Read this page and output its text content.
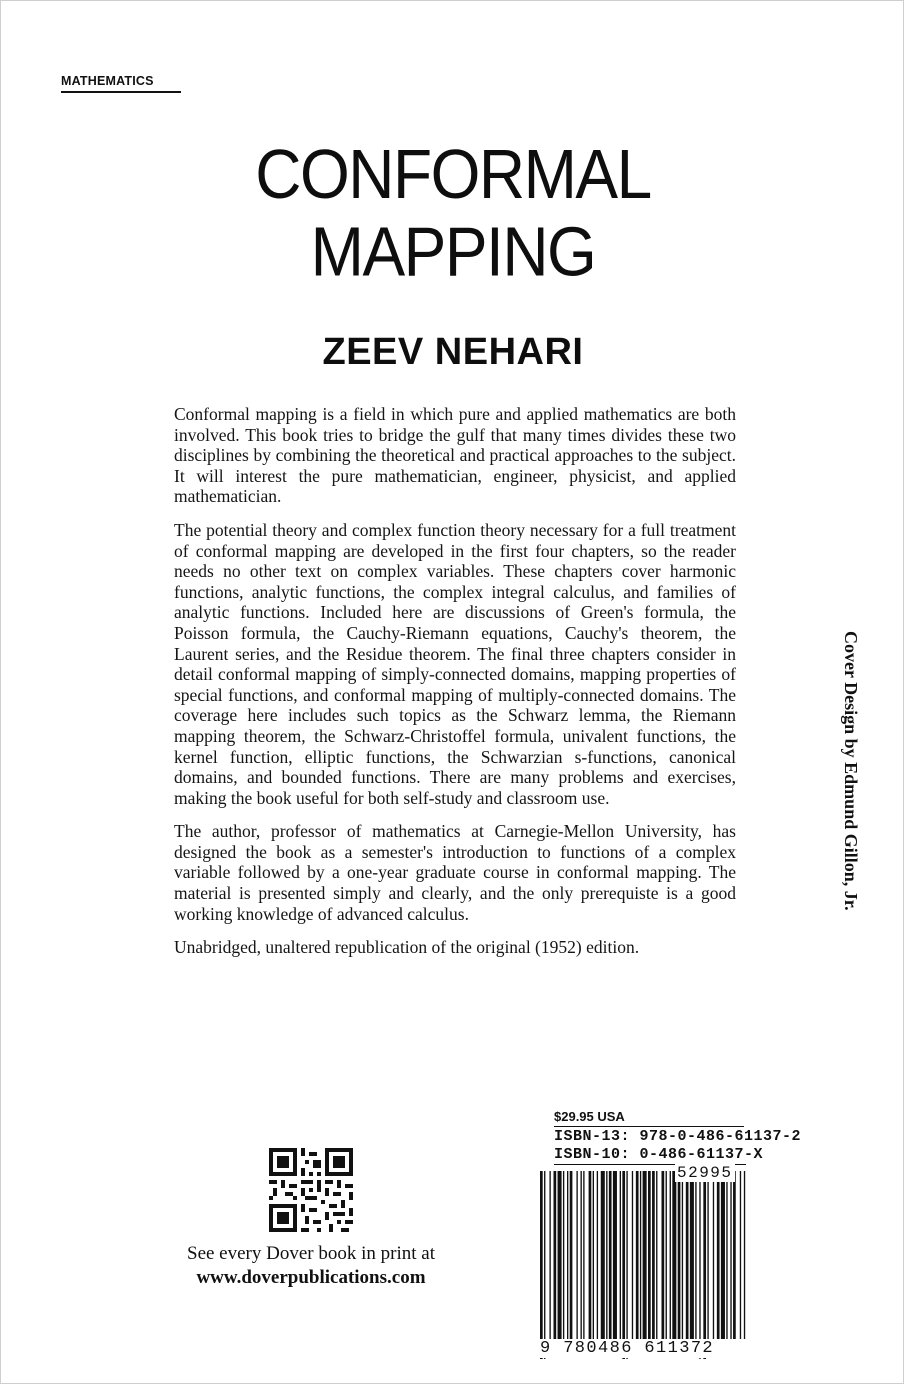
MATHEMATICS
CONFORMAL
MAPPING
ZEEV NEHARI

Conformal mapping is a field in which pure and applied mathematics are both involved. This book tries to bridge the gulf that many times divides these two disciplines by combining the theoretical and practical approaches to the subject. It will interest the pure mathematician, engineer, physicist, and applied mathematician.

The potential theory and complex function theory necessary for a full treatment of conformal mapping are developed in the first four chapters, so the reader needs no other text on complex variables. These chapters cover harmonic functions, analytic functions, the complex integral calculus, and families of analytic functions. Included here are discussions of Green's formula, the Poisson formula, the Cauchy-Riemann equations, Cauchy's theorem, the Laurent series, and the Residue theorem. The final three chapters consider in detail conformal mapping of simply-connected domains, mapping properties of special functions, and conformal mapping of multiply-connected domains. The coverage here includes such topics as the Schwarz lemma, the Riemann mapping theorem, the Schwarz-Christoffel formula, univalent functions, the kernel function, elliptic functions, the Schwarzian s-functions, canonical domains, and bounded functions. There are many problems and exercises, making the book useful for both self-study and classroom use.

The author, professor of mathematics at Carnegie-Mellon University, has designed the book as a semester's introduction to functions of a complex variable followed by a one-year graduate course in conformal mapping. The material is presented simply and clearly, and the only prerequiste is a good working knowledge of advanced calculus.

Unabridged, unaltered republication of the original (1952) edition.

Cover Design by Edmund Gillon, Jr.
See every Dover book in print at
www.doverpublications.com
$29.95 USA
ISBN-13: 978-0-486-61137-2
ISBN-10: 0-486-61137-X
52995
9 780486 611372
